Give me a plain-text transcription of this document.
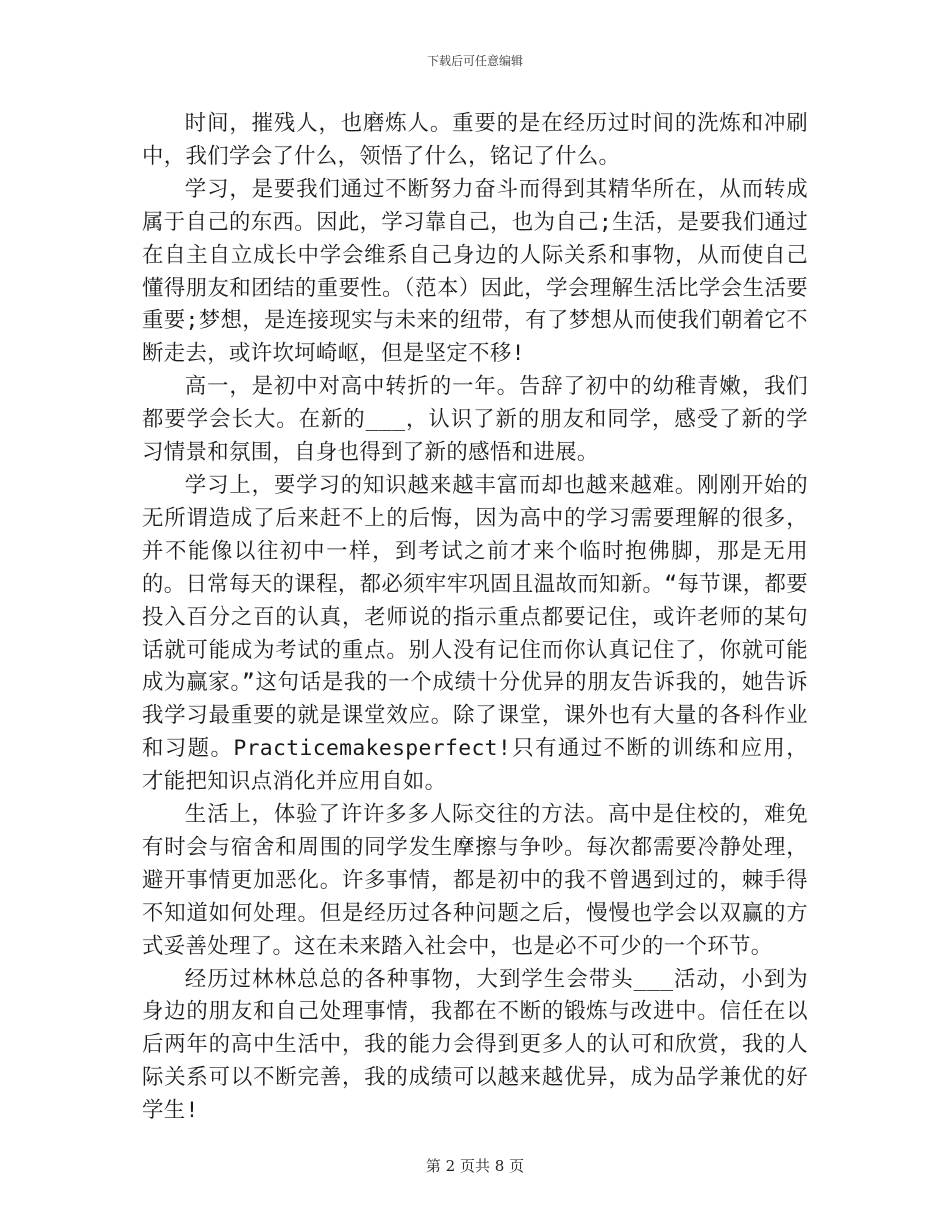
下载后可任意编辑

时间，摧残人，也磨炼人。重要的是在经历过时间的洗炼和冲刷中，我们学会了什么，领悟了什么，铭记了什么。

学习，是要我们通过不断努力奋斗而得到其精华所在，从而转成属于自己的东西。因此，学习靠自己，也为自己;生活，是要我们通过在自主自立成长中学会维系自己身边的人际关系和事物，从而使自己懂得朋友和团结的重要性。（范本）因此，学会理解生活比学会生活要重要;梦想，是连接现实与未来的纽带，有了梦想从而使我们朝着它不断走去，或许坎坷崎岖，但是坚定不移!

高一，是初中对高中转折的一年。告辞了初中的幼稚青嫩，我们都要学会长大。在新的___，认识了新的朋友和同学，感受了新的学习情景和氛围，自身也得到了新的感悟和进展。

学习上，要学习的知识越来越丰富而却也越来越难。刚刚开始的无所谓造成了后来赶不上的后悔，因为高中的学习需要理解的很多，并不能像以往初中一样，到考试之前才来个临时抱佛脚，那是无用的。日常每天的课程，都必须牢牢巩固且温故而知新。“每节课，都要投入百分之百的认真，老师说的指示重点都要记住，或许老师的某句话就可能成为考试的重点。别人没有记住而你认真记住了，你就可能成为赢家。”这句话是我的一个成绩十分优异的朋友告诉我的，她告诉我学习最重要的就是课堂效应。除了课堂，课外也有大量的各科作业和习题。Practicemakesperfect!只有通过不断的训练和应用，才能把知识点消化并应用自如。

生活上，体验了许许多多人际交往的方法。高中是住校的，难免有时会与宿舍和周围的同学发生摩擦与争吵。每次都需要冷静处理，避开事情更加恶化。许多事情，都是初中的我不曾遇到过的，棘手得不知道如何处理。但是经历过各种问题之后，慢慢也学会以双赢的方式妥善处理了。这在未来踏入社会中，也是必不可少的一个环节。

经历过林林总总的各种事物，大到学生会带头___活动，小到为身边的朋友和自己处理事情，我都在不断的锻炼与改进中。信任在以后两年的高中生活中，我的能力会得到更多人的认可和欣赏，我的人际关系可以不断完善，我的成绩可以越来越优异，成为品学兼优的好学生!

第 2 页共 8 页
